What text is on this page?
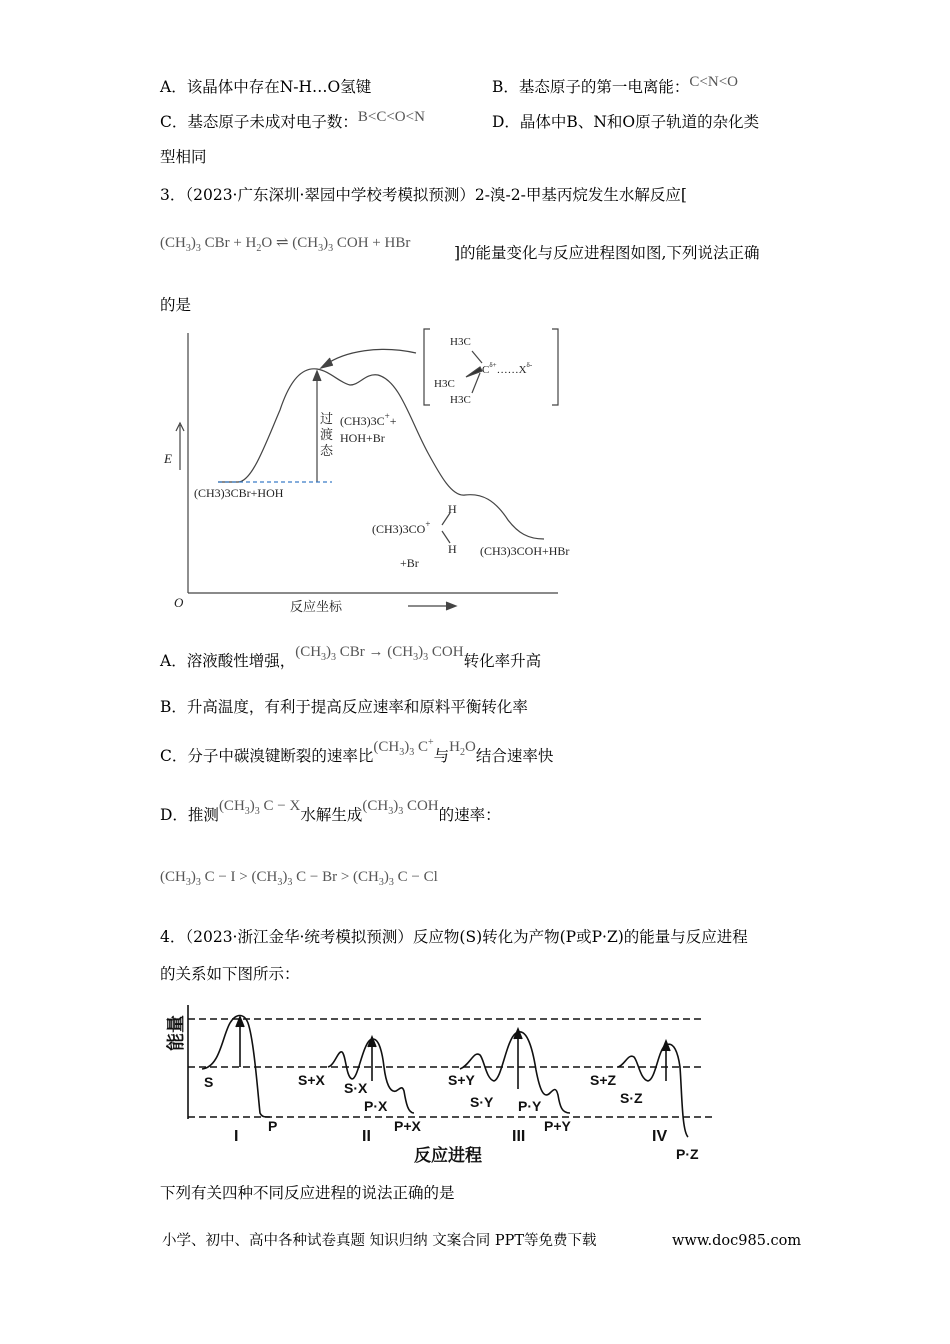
A．该晶体中存在N-H…O氢键	B．基态原子的第一电离能：C<N<O
C．基态原子未成对电子数：B<C<O<N	D．晶体中B、N和O原子轨道的杂化类
型相同
3．（2023·广东深圳·翠园中学校考模拟预测）2-溴-2-甲基丙烷发生水解反应[
$(CH_3)_3$ CBr + $H_2O$ ⇌ $(CH_3)_3$ COH + HBr
]的能量变化与反应进程图如图,下列说法正确
的是
E
O	反应坐标
过
渡
态
(CH3)3CBr+HOH
(CH3)3C++
HOH+Br
(CH3)3CO+
H
H
+Br
(CH3)3COH+HBr
H3C
H3C
H3C
$C^{\delta+}\dots\dots X^{\delta-}$
A．溶液酸性增强，$(CH_3)_3$ CBr → $(CH_3)_3$ COH转化率升高
B．升高温度，有利于提高反应速率和原料平衡转化率
C．分子中碳溴键断裂的速率比$(CH_3)_3$ C+与$H_2O$结合速率快
D．推测$(CH_3)_3$ C − X水解生成$(CH_3)_3$ COH的速率：
$(CH_3)_3$ $C - I > (CH_3)_3$ $C - Br > (CH_3)_3$ C − Cl
4．（2023·浙江金华·统考模拟预测）反应物(S)转化为产物(P或P·Z)的能量与反应进程
的关系如下图所示：
能量
反应进程
I	II	III	IV
S
P
S+X S·X
P·X
P+X
S+Y
S·Y P·Y
P+Y
S+Z
S·Z
P·Z
下列有关四种不同反应进程的说法正确的是
小学、初中、高中各种试卷真题 知识归纳 文案合同 PPT等免费下载	www.doc985.com
